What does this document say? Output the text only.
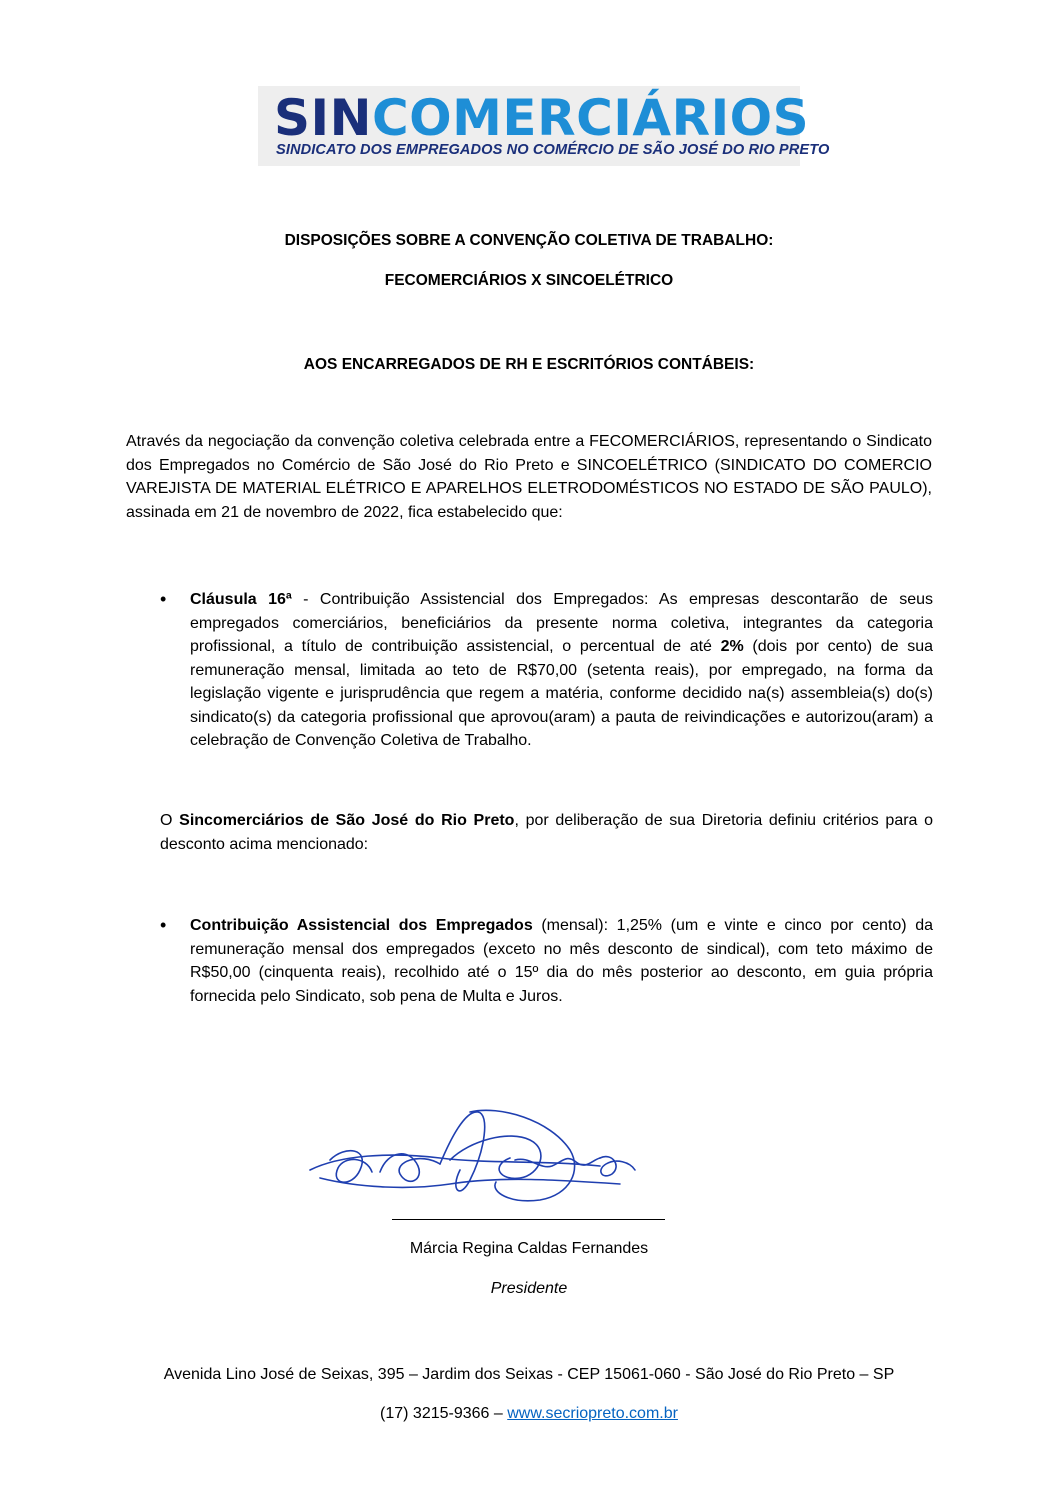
SINCOMERCIÁRIOS
SINDICATO DOS EMPREGADOS NO COMÉRCIO DE SÃO JOSÉ DO RIO PRETO
DISPOSIÇÕES SOBRE A CONVENÇÃO COLETIVA DE TRABALHO:
FECOMERCIÁRIOS X SINCOELÉTRICO
AOS ENCARREGADOS DE RH E ESCRITÓRIOS CONTÁBEIS:
Através da negociação da convenção coletiva celebrada entre a FECOMERCIÁRIOS, representando o Sindicato dos Empregados no Comércio de São José do Rio Preto e SINCOELÉTRICO (SINDICATO DO COMERCIO VAREJISTA DE MATERIAL ELÉTRICO E APARELHOS ELETRODOMÉSTICOS NO ESTADO DE SÃO PAULO), assinada em 21 de novembro de 2022, fica estabelecido que:
• Cláusula 16ª - Contribuição Assistencial dos Empregados: As empresas descontarão de seus empregados comerciários, beneficiários da presente norma coletiva, integrantes da categoria profissional, a título de contribuição assistencial, o percentual de até 2% (dois por cento) de sua remuneração mensal, limitada ao teto de R$70,00 (setenta reais), por empregado, na forma da legislação vigente e jurisprudência que regem a matéria, conforme decidido na(s) assembleia(s) do(s) sindicato(s) da categoria profissional que aprovou(aram) a pauta de reivindicações e autorizou(aram) a celebração de Convenção Coletiva de Trabalho.
O Sincomerciários de São José do Rio Preto, por deliberação de sua Diretoria definiu critérios para o desconto acima mencionado:
• Contribuição Assistencial dos Empregados (mensal): 1,25% (um e vinte e cinco por cento) da remuneração mensal dos empregados (exceto no mês desconto de sindical), com teto máximo de R$50,00 (cinquenta reais), recolhido até o 15º dia do mês posterior ao desconto, em guia própria fornecida pelo Sindicato, sob pena de Multa e Juros.
Márcia Regina Caldas Fernandes
Presidente
Avenida Lino José de Seixas, 395 – Jardim dos Seixas - CEP 15061-060 - São José do Rio Preto – SP
(17) 3215-9366 – www.secriopreto.com.br
